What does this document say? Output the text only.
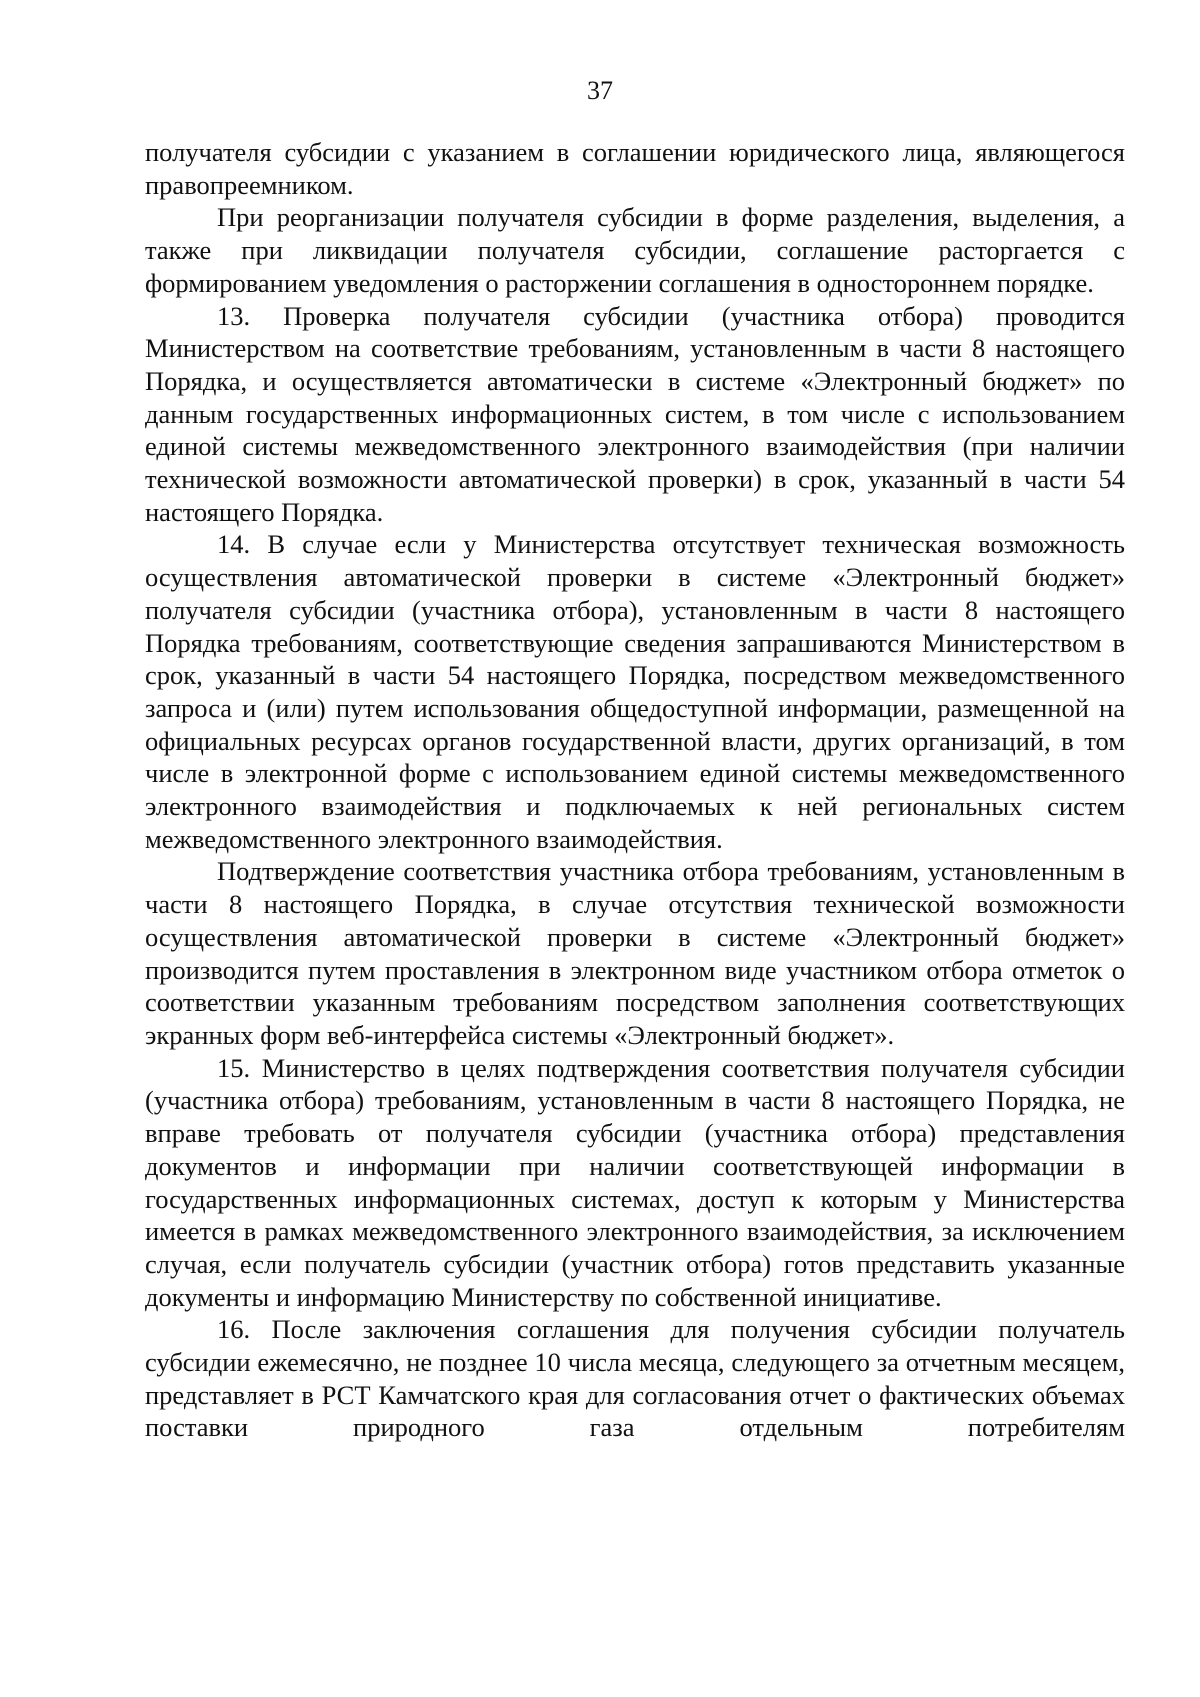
37

получателя субсидии с указанием в соглашении юридического лица, являющегося правопреемником.

При реорганизации получателя субсидии в форме разделения, выделения, а также при ликвидации получателя субсидии, соглашение расторгается с формированием уведомления о расторжении соглашения в одностороннем порядке.

13. Проверка получателя субсидии (участника отбора) проводится Министерством на соответствие требованиям, установленным в части 8 настоящего Порядка, и осуществляется автоматически в системе «Электронный бюджет» по данным государственных информационных систем, в том числе с использованием единой системы межведомственного электронного взаимодействия (при наличии технической возможности автоматической проверки) в срок, указанный в части 54 настоящего Порядка.

14. В случае если у Министерства отсутствует техническая возможность осуществления автоматической проверки в системе «Электронный бюджет» получателя субсидии (участника отбора), установленным в части 8 настоящего Порядка требованиям, соответствующие сведения запрашиваются Министерством в срок, указанный в части 54 настоящего Порядка, посредством межведомственного запроса и (или) путем использования общедоступной информации, размещенной на официальных ресурсах органов государственной власти, других организаций, в том числе в электронной форме с использованием единой системы межведомственного электронного взаимодействия и подключаемых к ней региональных систем межведомственного электронного взаимодействия.

Подтверждение соответствия участника отбора требованиям, установленным в части 8 настоящего Порядка, в случае отсутствия технической возможности осуществления автоматической проверки в системе «Электронный бюджет» производится путем проставления в электронном виде участником отбора отметок о соответствии указанным требованиям посредством заполнения соответствующих экранных форм веб-интерфейса системы «Электронный бюджет».

15. Министерство в целях подтверждения соответствия получателя субсидии (участника отбора) требованиям, установленным в части 8 настоящего Порядка, не вправе требовать от получателя субсидии (участника отбора) представления документов и информации при наличии соответствующей информации в государственных информационных системах, доступ к которым у Министерства имеется в рамках межведомственного электронного взаимодействия, за исключением случая, если получатель субсидии (участник отбора) готов представить указанные документы и информацию Министерству по собственной инициативе.

16. После заключения соглашения для получения субсидии получатель субсидии ежемесячно, не позднее 10 числа месяца, следующего за отчетным месяцем, представляет в РСТ Камчатского края для согласования отчет о фактических объемах поставки природного газа отдельным потребителям
